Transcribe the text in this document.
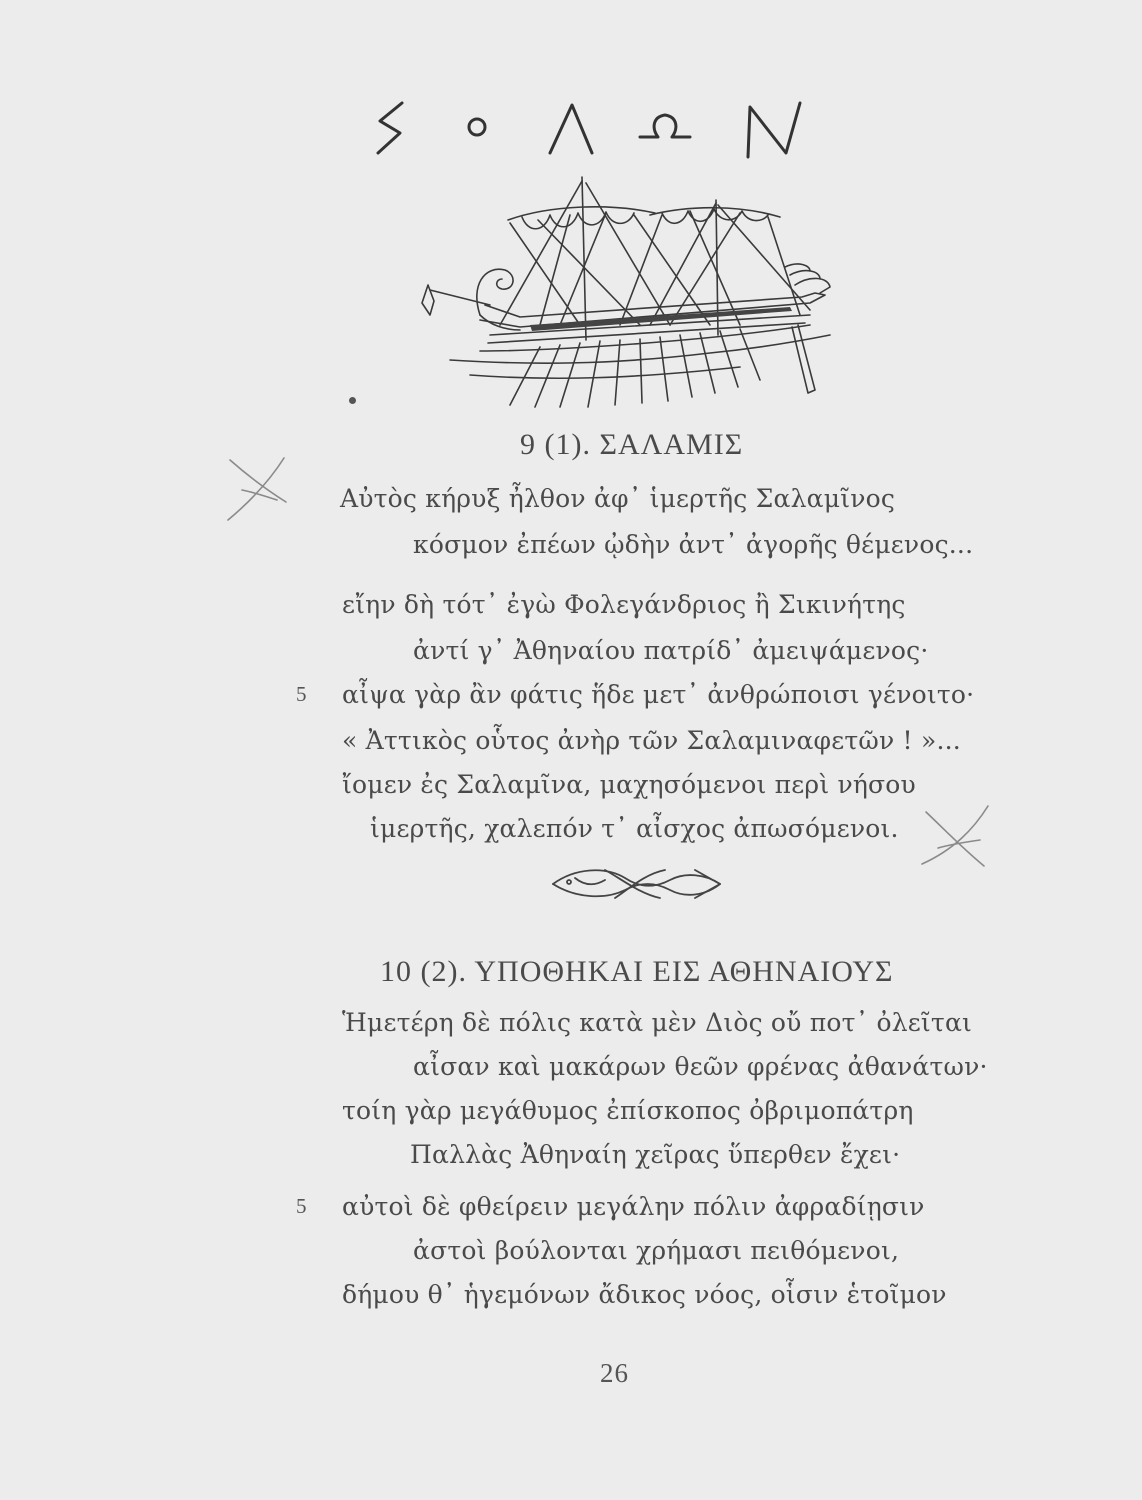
9 (1). ΣΑΛΑΜΙΣ
Αὐτὸς κήρυξ ἦλθον ἀφ᾽ ἱμερτῆς Σαλαμῖνος
κόσμον ἐπέων ᾠδὴν ἀντ᾽ ἀγορῆς θέμενος...
εἴην δὴ τότ᾽ ἐγὼ Φολεγάνδριος ἢ Σικινήτης
ἀντί γ᾽ Ἀθηναίου πατρίδ᾽ ἀμειψάμενος·
5 αἶψα γὰρ ἂν φάτις ἥδε μετ᾽ ἀνθρώποισι γένοιτο·
« Ἀττικὸς οὗτος ἀνὴρ τῶν Σαλαμιναφετῶν ! »...
ἴομεν ἐς Σαλαμῖνα, μαχησόμενοι περὶ νήσου
ἱμερτῆς, χαλεπόν τ᾽ αἶσχος ἀπωσόμενοι.
10 (2). ΥΠΟΘΗΚΑΙ ΕΙΣ ΑΘΗΝΑΙΟΥΣ
Ἡμετέρη δὲ πόλις κατὰ μὲν Διὸς οὔ ποτ᾽ ὀλεῖται
αἶσαν καὶ μακάρων θεῶν φρένας ἀθανάτων·
τοίη γὰρ μεγάθυμος ἐπίσκοπος ὀβριμοπάτρη
Παλλὰς Ἀθηναίη χεῖρας ὕπερθεν ἔχει·
5 αὐτοὶ δὲ φθείρειν μεγάλην πόλιν ἀφραδίῃσιν
ἀστοὶ βούλονται χρήμασι πειθόμενοι,
δήμου θ᾽ ἡγεμόνων ἄδικος νόος, οἷσιν ἑτοῖμον
26
